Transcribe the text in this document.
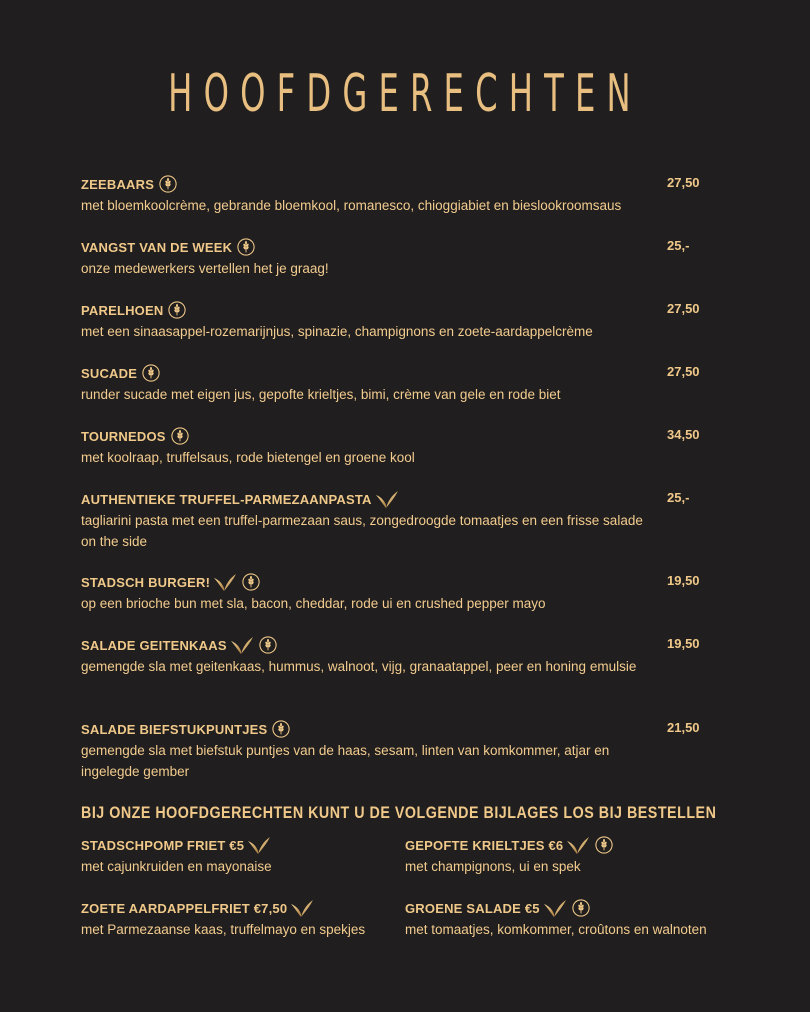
HOOFDGERECHTEN
ZEEBAARS	27,50
met bloemkoolcrème, gebrande bloemkool, romanesco, chioggiabiet en bieslookroomsaus
VANGST VAN DE WEEK	25,-
onze medewerkers vertellen het je graag!
PARELHOEN	27,50
met een sinaasappel-rozemarijnjus, spinazie, champignons en zoete-aardappelcrème
SUCADE	27,50
runder sucade met eigen jus, gepofte krieltjes, bimi, crème van gele en rode biet
TOURNEDOS	34,50
met koolraap, truffelsaus, rode bietengel en groene kool
AUTHENTIEKE TRUFFEL-PARMEZAANPASTA	25,-
tagliarini pasta met een truffel-parmezaan saus, zongedroogde tomaatjes en een frisse salade on the side
STADSCH BURGER!	19,50
op een brioche bun met sla, bacon, cheddar, rode ui en crushed pepper mayo
SALADE GEITENKAAS	19,50
gemengde sla met geitenkaas, hummus, walnoot, vijg, granaatappel, peer en honing emulsie
SALADE BIEFSTUKPUNTJES	21,50
gemengde sla met biefstuk puntjes van de haas, sesam, linten van komkommer, atjar en ingelegde gember
BIJ ONZE HOOFDGERECHTEN KUNT U DE VOLGENDE BIJLAGES LOS BIJ BESTELLEN
STADSCHPOMP FRIET €5
met cajunkruiden en mayonaise
GEPOFTE KRIELTJES €6
met champignons, ui en spek
ZOETE AARDAPPELFRIET €7,50
met Parmezaanse kaas, truffelmayo en spekjes
GROENE SALADE €5
met tomaatjes, komkommer, croûtons en walnoten
